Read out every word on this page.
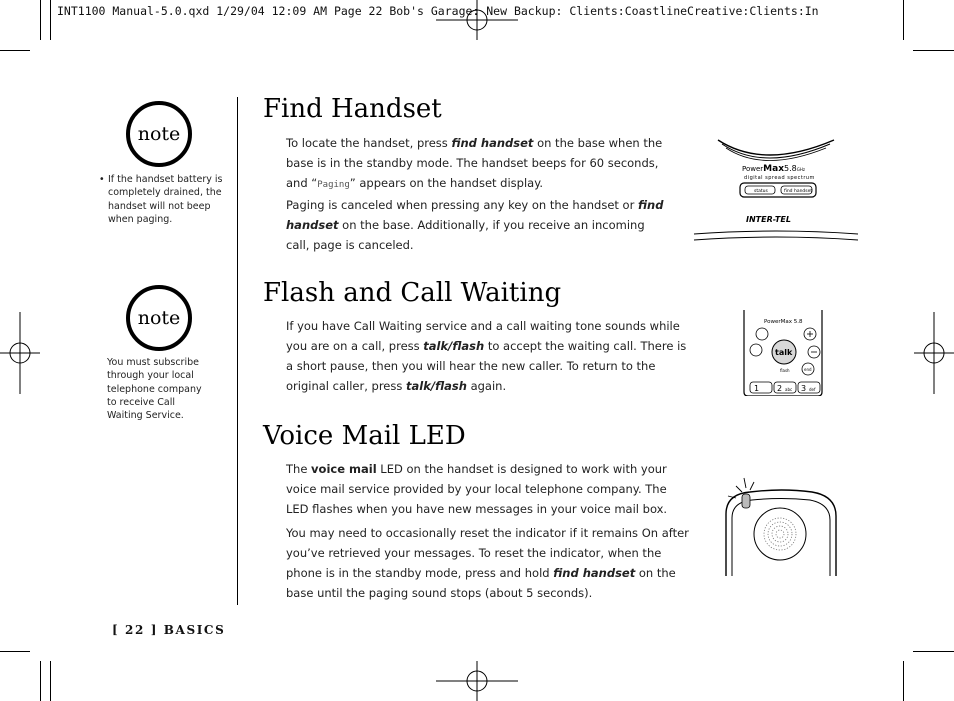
INT1100 Manual-5.0.qxd 1/29/04 12:09 AM Page 22 Bob's Garage: New Backup: Clients:CoastlineCreative:Clients:In
note
• If the handset battery is completely drained, the handset will not beep when paging.
note
You must subscribe through your local telephone company to receive Call Waiting Service.
Find Handset

To locate the handset, press find handset on the base when the base is in the standby mode. The handset beeps for 60 seconds, and “Paging” appears on the handset display.

Paging is canceled when pressing any key on the handset or find handset on the base. Additionally, if you receive an incoming call, page is canceled.

Flash and Call Waiting

If you have Call Waiting service and a call waiting tone sounds while you are on a call, press talk/flash to accept the waiting call. There is a short pause, then you will hear the new caller. To return to the original caller, press talk/flash again.

Voice Mail LED

The voice mail LED on the handset is designed to work with your voice mail service provided by your local telephone company. The LED flashes when you have new messages in your voice mail box.

You may need to occasionally reset the indicator if it remains On after you’ve retrieved your messages. To reset the indicator, when the phone is in the standby mode, press and hold find handset on the base until the paging sound stops (about 5 seconds).

PowerMax5.8GHz
digital spread spectrum
status	find handset
INTER-TEL
PowerMax 5.8
talk
flash	end
1 2 abc 3 def
[ 22 ] BASICS
